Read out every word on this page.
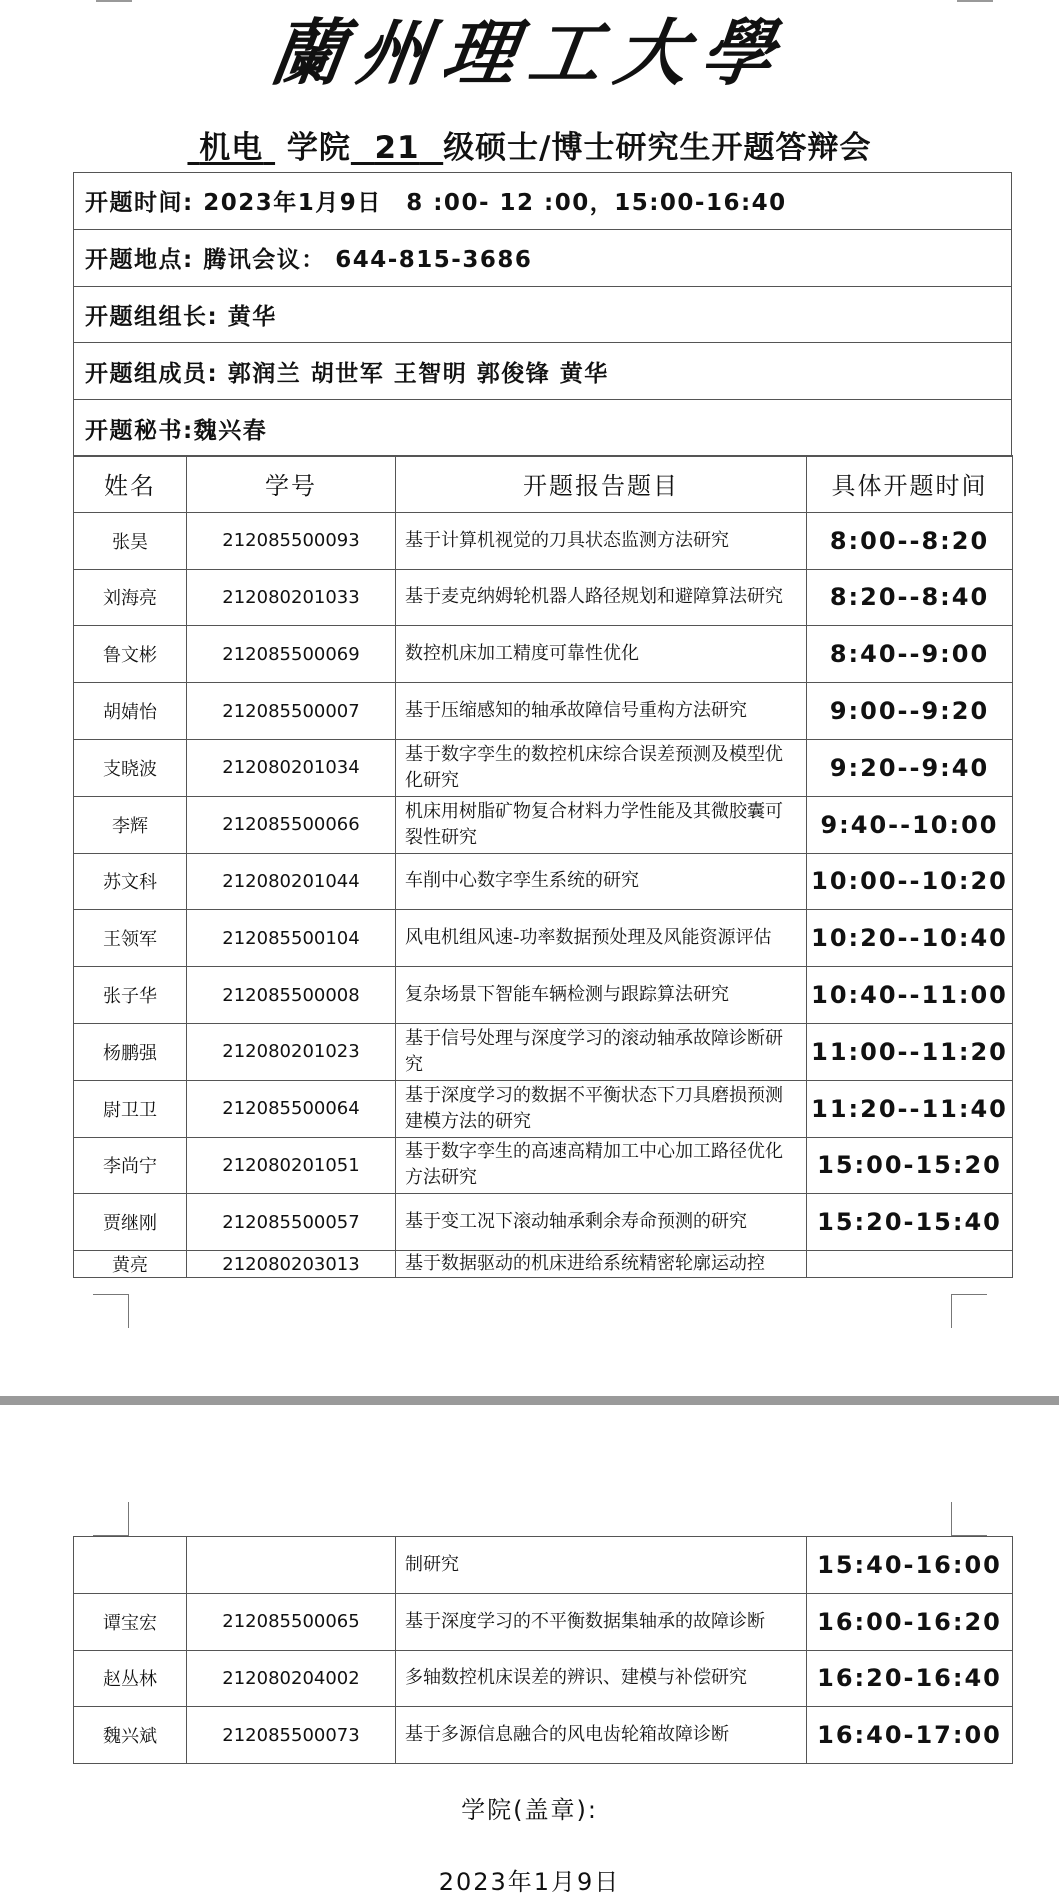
蘭州理工大學
机电 学院 21 级硕士/博士研究生开题答辩会
开题时间: 2023年1月9日　8 :00- 12 :00，15:00-16:40
开题地点: 腾讯会议： 644-815-3686
开题组组长: 黄华
开题组成员: 郭润兰 胡世军 王智明 郭俊锋 黄华
开题秘书:魏兴春
姓名	学号	开题报告题目	具体开题时间
张昊	212085500093	基于计算机视觉的刀具状态监测方法研究	8:00--8:20
刘海亮	212080201033	基于麦克纳姆轮机器人路径规划和避障算法研究	8:20--8:40
鲁文彬	212085500069	数控机床加工精度可靠性优化	8:40--9:00
胡婧怡	212085500007	基于压缩感知的轴承故障信号重构方法研究	9:00--9:20
支晓波	212080201034	基于数字孪生的数控机床综合误差预测及模型优化研究	9:20--9:40
李辉	212085500066	机床用树脂矿物复合材料力学性能及其微胶囊可裂性研究	9:40--10:00
苏文科	212080201044	车削中心数字孪生系统的研究	10:00--10:20
王领军	212085500104	风电机组风速-功率数据预处理及风能资源评估	10:20--10:40
张子华	212085500008	复杂场景下智能车辆检测与跟踪算法研究	10:40--11:00
杨鹏强	212080201023	基于信号处理与深度学习的滚动轴承故障诊断研究	11:00--11:20
尉卫卫	212085500064	基于深度学习的数据不平衡状态下刀具磨损预测建模方法的研究	11:20--11:40
李尚宁	212080201051	基于数字孪生的高速高精加工中心加工路径优化方法研究	15:00-15:20
贾继刚	212085500057	基于变工况下滚动轴承剩余寿命预测的研究	15:20-15:40
黄亮	212080203013	基于数据驱动的机床进给系统精密轮廓运动控	
		制研究	15:40-16:00
谭宝宏	212085500065	基于深度学习的不平衡数据集轴承的故障诊断	16:00-16:20
赵丛林	212080204002	多轴数控机床误差的辨识、建模与补偿研究	16:20-16:40
魏兴斌	212085500073	基于多源信息融合的风电齿轮箱故障诊断	16:40-17:00
学院(盖章):
2023年1月9日
